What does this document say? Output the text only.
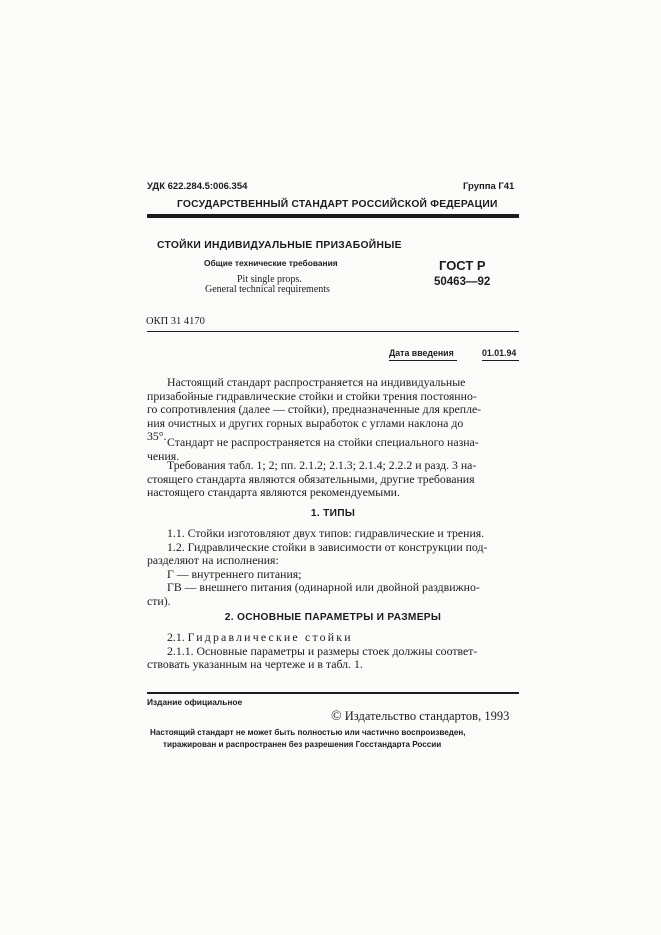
УДК 622.284.5:006.354	Группа Г41
ГОСУДАРСТВЕННЫЙ СТАНДАРТ РОССИЙСКОЙ ФЕДЕРАЦИИ
СТОЙКИ ИНДИВИДУАЛЬНЫЕ ПРИЗАБОЙНЫЕ
Общие технические требования
Pit single props.
General technical requirements
ГОСТ Р
50463—92
ОКП 31 4170
Дата введения	01.01.94
Настоящий стандарт распространяется на индивидуальные
призабойные гидравлические стойки и стойки трения постоянно-
го сопротивления (далее — стойки), предназначенные для крепле-
ния очистных и других горных выработок с углами наклона до
35°. Стандарт не распространяется на стойки специального назна-
чения.
Требования табл. 1; 2; пп. 2.1.2; 2.1.3; 2.1.4; 2.2.2 и разд. 3 на-
стоящего стандарта являются обязательными, другие требования
настоящего стандарта являются рекомендуемыми.
1. ТИПЫ
1.1. Стойки изготовляют двух типов: гидравлические и трения.
1.2. Гидравлические стойки в зависимости от конструкции под-
разделяют на исполнения:
Г — внутреннего питания;
ГВ — внешнего питания (одинарной или двойной раздвижно-
сти).
2. ОСНОВНЫЕ ПАРАМЕТРЫ И РАЗМЕРЫ
2.1. Гидравлические стойки
2.1.1. Основные параметры и размеры стоек должны соответ-
ствовать указанным на чертеже и в табл. 1.
Издание официальное
© Издательство стандартов, 1993
Настоящий стандарт не может быть полностью или частично воспроизведен,
тиражирован и распространен без разрешения Госстандарта России
